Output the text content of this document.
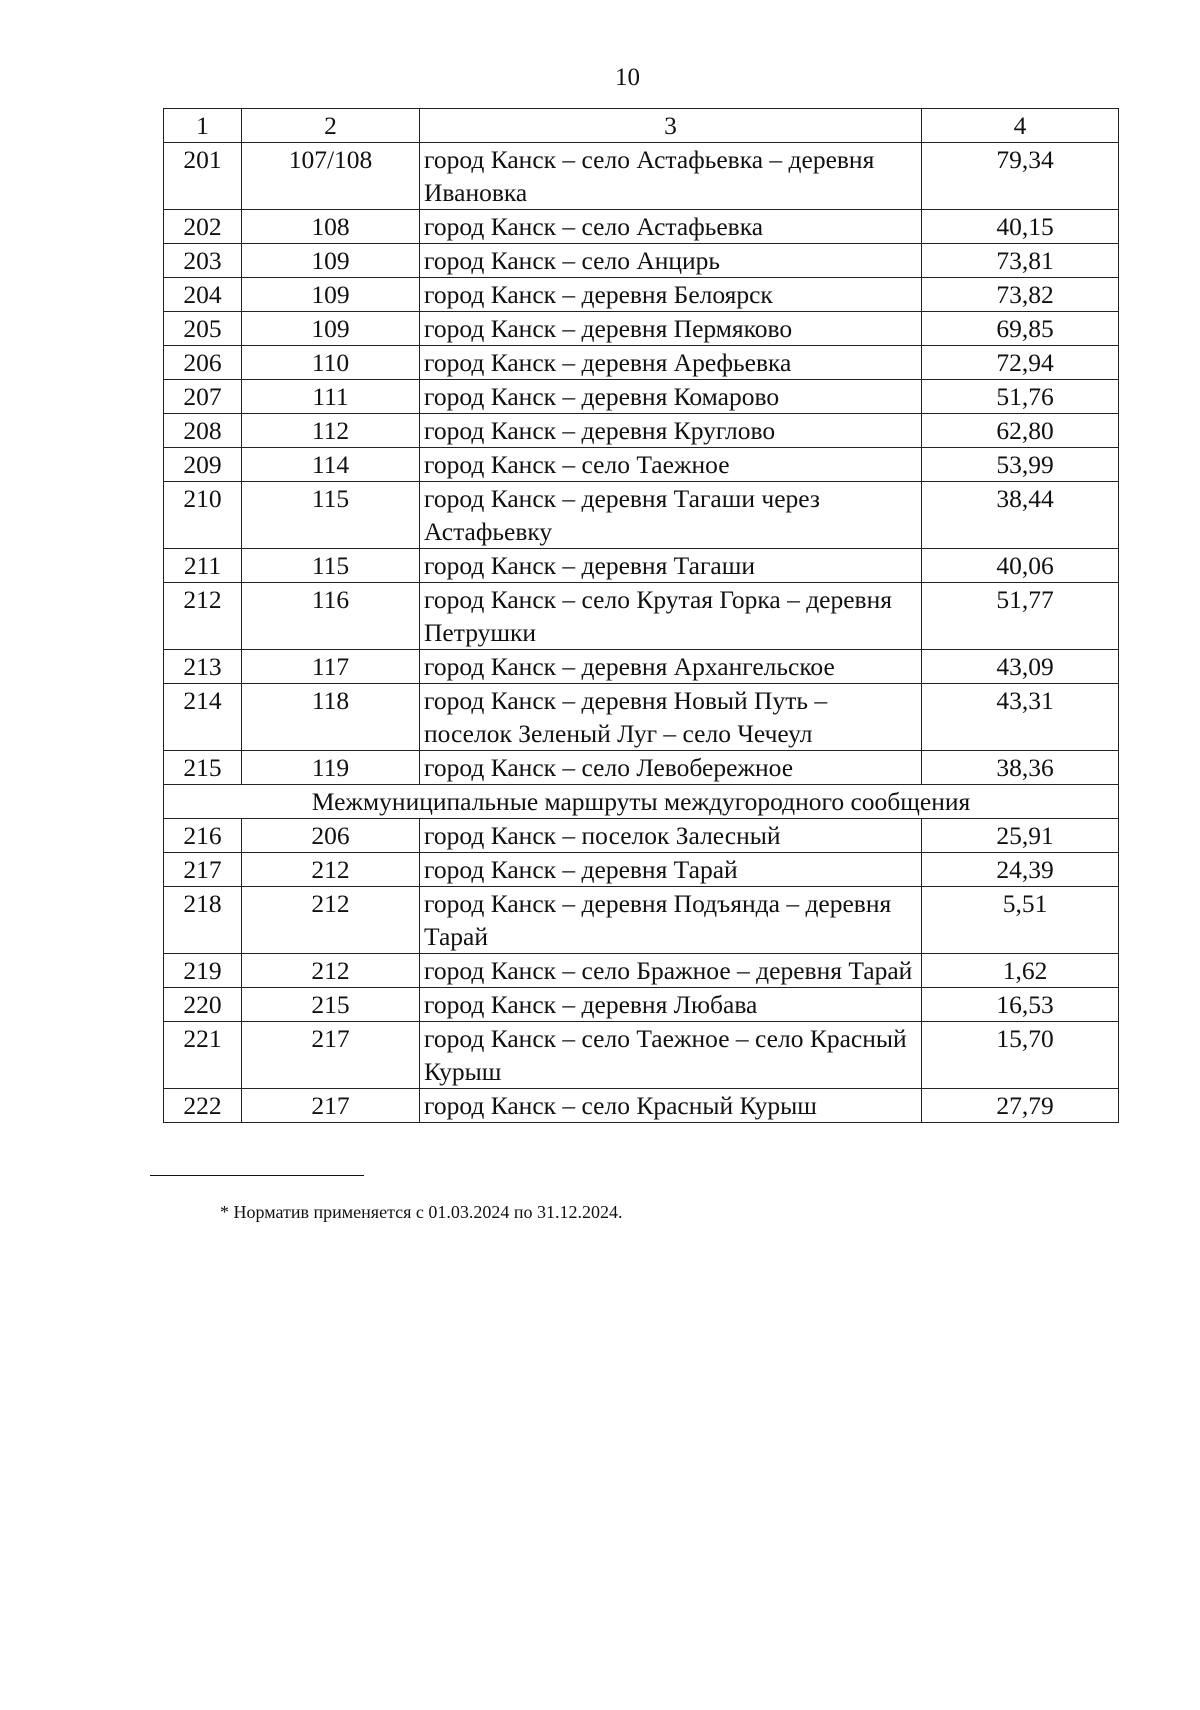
10
1	2	3	4
201	107/108	город Канск – село Астафьевка – деревня Ивановка	79,34
202	108	город Канск – село Астафьевка	40,15
203	109	город Канск – село Анцирь	73,81
204	109	город Канск – деревня Белоярск	73,82
205	109	город Канск – деревня Пермяково	69,85
206	110	город Канск – деревня Арефьевка	72,94
207	111	город Канск – деревня Комарово	51,76
208	112	город Канск – деревня Круглово	62,80
209	114	город Канск – село Таежное	53,99
210	115	город Канск – деревня Тагаши через Астафьевку	38,44
211	115	город Канск – деревня Тагаши	40,06
212	116	город Канск – село Крутая Горка – деревня Петрушки	51,77
213	117	город Канск – деревня Архангельское	43,09
214	118	город Канск – деревня Новый Путь – поселок Зеленый Луг – село Чечеул	43,31
215	119	город Канск – село Левобережное	38,36
Межмуниципальные маршруты междугородного сообщения			
216	206	город Канск – поселок Залесный	25,91
217	212	город Канск – деревня Тарай	24,39
218	212	город Канск – деревня Подъянда – деревня Тарай	5,51
219	212	город Канск – село Бражное – деревня Тарай	1,62
220	215	город Канск – деревня Любава	16,53
221	217	город Канск – село Таежное – село Красный Курыш	15,70
222	217	город Канск – село Красный Курыш	27,79
* Норматив применяется с 01.03.2024 по 31.12.2024.
